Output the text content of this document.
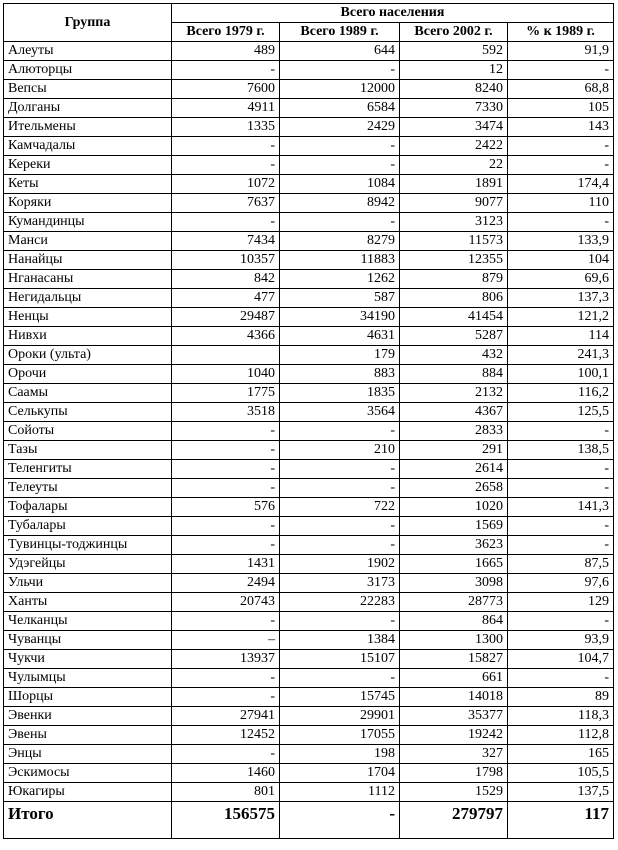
Группа	Всего населения			
	Всего 1979 г.	Всего 1989 г.	Всего 2002 г.	% к 1989 г.
Алеуты	489	644	592	91,9
Алюторцы	-	-	12	-
Вепсы	7600	12000	8240	68,8
Долганы	4911	6584	7330	105
Ительмены	1335	2429	3474	143
Камчадалы	-	-	2422	-
Кереки	-	-	22	-
Кеты	1072	1084	1891	174,4
Коряки	7637	8942	9077	110
Кумандинцы	-	-	3123	-
Манси	7434	8279	11573	133,9
Нанайцы	10357	11883	12355	104
Нганасаны	842	1262	879	69,6
Негидальцы	477	587	806	137,3
Ненцы	29487	34190	41454	121,2
Нивхи	4366	4631	5287	114
Ороки (ульта)		179	432	241,3
Орочи	1040	883	884	100,1
Саамы	1775	1835	2132	116,2
Селькупы	3518	3564	4367	125,5
Сойоты	-	-	2833	-
Тазы	-	210	291	138,5
Теленгиты	-	-	2614	-
Телеуты	-	-	2658	-
Тофалары	576	722	1020	141,3
Тубалары	-	-	1569	-
Тувинцы-тоджинцы	-	-	3623	-
Удэгейцы	1431	1902	1665	87,5
Ульчи	2494	3173	3098	97,6
Ханты	20743	22283	28773	129
Челканцы	-	-	864	-
Чуванцы	–	1384	1300	93,9
Чукчи	13937	15107	15827	104,7
Чулымцы	-	-	661	-
Шорцы	-	15745	14018	89
Эвенки	27941	29901	35377	118,3
Эвены	12452	17055	19242	112,8
Энцы	-	198	327	165
Эскимосы	1460	1704	1798	105,5
Юкагиры	801	1112	1529	137,5
Итого	156575	-	279797	117
